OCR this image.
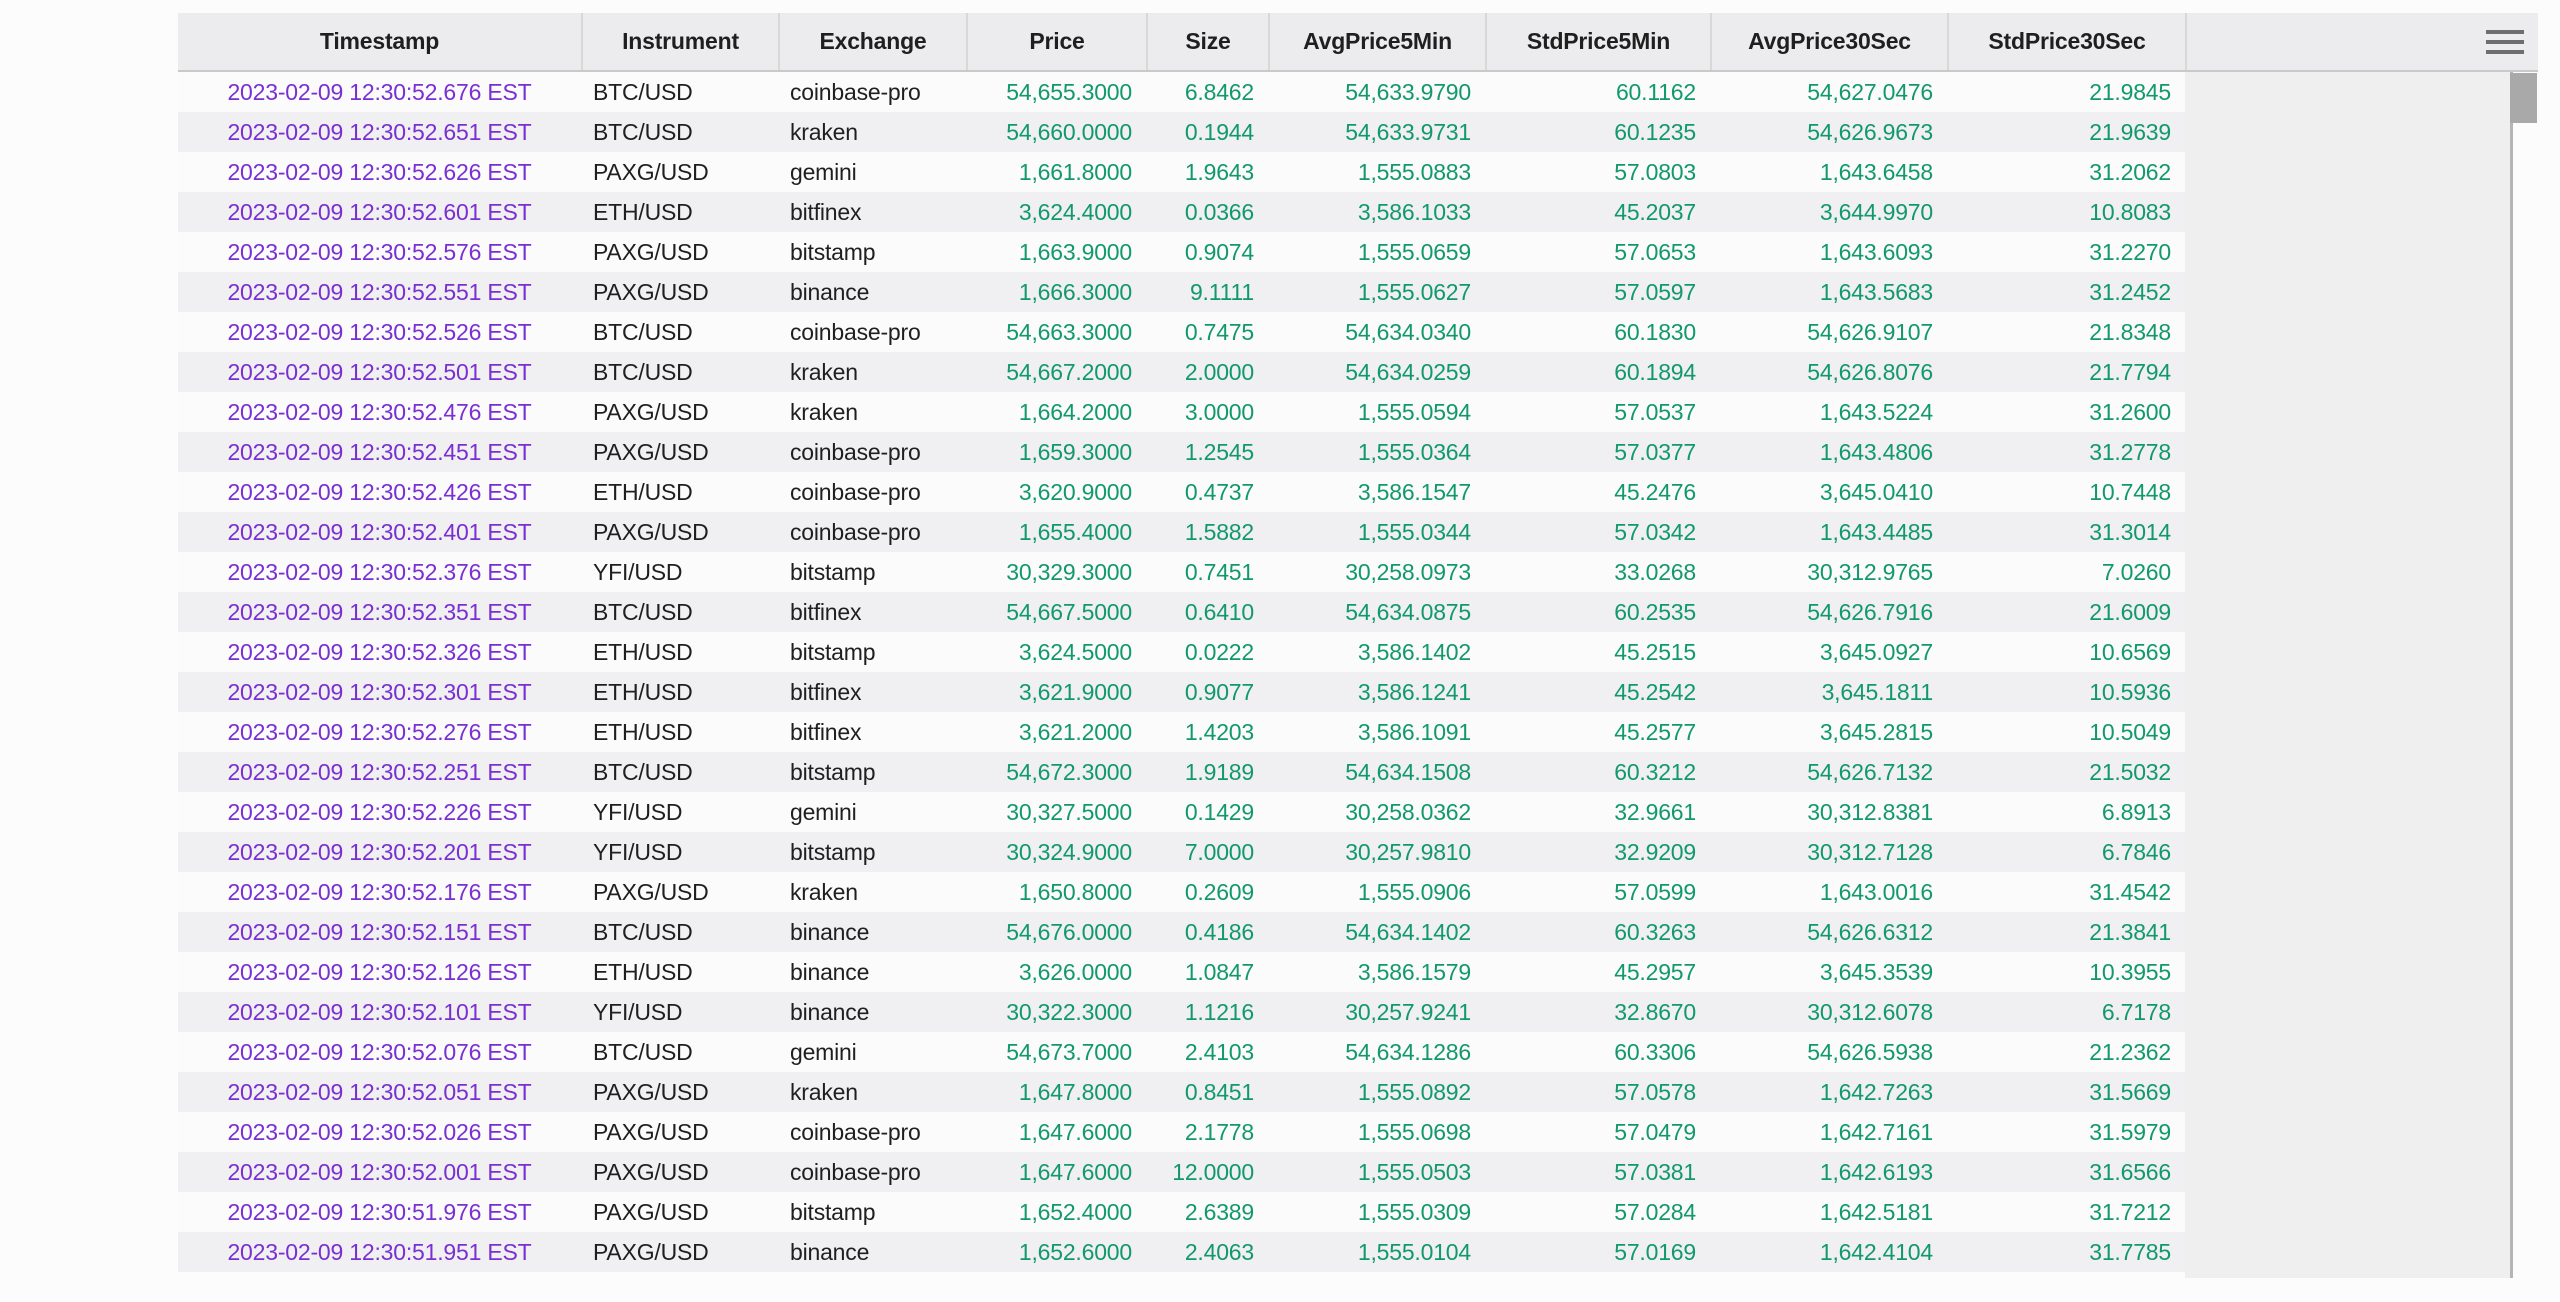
Timestamp	Instrument	Exchange	Price	Size	AvgPrice5Min	StdPrice5Min	AvgPrice30Sec	StdPrice30Sec
2023-02-09 12:30:52.676 EST	BTC/USD	coinbase-pro	54,655.3000	6.8462	54,633.9790	60.1162	54,627.0476	21.9845
2023-02-09 12:30:52.651 EST	BTC/USD	kraken	54,660.0000	0.1944	54,633.9731	60.1235	54,626.9673	21.9639
2023-02-09 12:30:52.626 EST	PAXG/USD	gemini	1,661.8000	1.9643	1,555.0883	57.0803	1,643.6458	31.2062
2023-02-09 12:30:52.601 EST	ETH/USD	bitfinex	3,624.4000	0.0366	3,586.1033	45.2037	3,644.9970	10.8083
2023-02-09 12:30:52.576 EST	PAXG/USD	bitstamp	1,663.9000	0.9074	1,555.0659	57.0653	1,643.6093	31.2270
2023-02-09 12:30:52.551 EST	PAXG/USD	binance	1,666.3000	9.1111	1,555.0627	57.0597	1,643.5683	31.2452
2023-02-09 12:30:52.526 EST	BTC/USD	coinbase-pro	54,663.3000	0.7475	54,634.0340	60.1830	54,626.9107	21.8348
2023-02-09 12:30:52.501 EST	BTC/USD	kraken	54,667.2000	2.0000	54,634.0259	60.1894	54,626.8076	21.7794
2023-02-09 12:30:52.476 EST	PAXG/USD	kraken	1,664.2000	3.0000	1,555.0594	57.0537	1,643.5224	31.2600
2023-02-09 12:30:52.451 EST	PAXG/USD	coinbase-pro	1,659.3000	1.2545	1,555.0364	57.0377	1,643.4806	31.2778
2023-02-09 12:30:52.426 EST	ETH/USD	coinbase-pro	3,620.9000	0.4737	3,586.1547	45.2476	3,645.0410	10.7448
2023-02-09 12:30:52.401 EST	PAXG/USD	coinbase-pro	1,655.4000	1.5882	1,555.0344	57.0342	1,643.4485	31.3014
2023-02-09 12:30:52.376 EST	YFI/USD	bitstamp	30,329.3000	0.7451	30,258.0973	33.0268	30,312.9765	7.0260
2023-02-09 12:30:52.351 EST	BTC/USD	bitfinex	54,667.5000	0.6410	54,634.0875	60.2535	54,626.7916	21.6009
2023-02-09 12:30:52.326 EST	ETH/USD	bitstamp	3,624.5000	0.0222	3,586.1402	45.2515	3,645.0927	10.6569
2023-02-09 12:30:52.301 EST	ETH/USD	bitfinex	3,621.9000	0.9077	3,586.1241	45.2542	3,645.1811	10.5936
2023-02-09 12:30:52.276 EST	ETH/USD	bitfinex	3,621.2000	1.4203	3,586.1091	45.2577	3,645.2815	10.5049
2023-02-09 12:30:52.251 EST	BTC/USD	bitstamp	54,672.3000	1.9189	54,634.1508	60.3212	54,626.7132	21.5032
2023-02-09 12:30:52.226 EST	YFI/USD	gemini	30,327.5000	0.1429	30,258.0362	32.9661	30,312.8381	6.8913
2023-02-09 12:30:52.201 EST	YFI/USD	bitstamp	30,324.9000	7.0000	30,257.9810	32.9209	30,312.7128	6.7846
2023-02-09 12:30:52.176 EST	PAXG/USD	kraken	1,650.8000	0.2609	1,555.0906	57.0599	1,643.0016	31.4542
2023-02-09 12:30:52.151 EST	BTC/USD	binance	54,676.0000	0.4186	54,634.1402	60.3263	54,626.6312	21.3841
2023-02-09 12:30:52.126 EST	ETH/USD	binance	3,626.0000	1.0847	3,586.1579	45.2957	3,645.3539	10.3955
2023-02-09 12:30:52.101 EST	YFI/USD	binance	30,322.3000	1.1216	30,257.9241	32.8670	30,312.6078	6.7178
2023-02-09 12:30:52.076 EST	BTC/USD	gemini	54,673.7000	2.4103	54,634.1286	60.3306	54,626.5938	21.2362
2023-02-09 12:30:52.051 EST	PAXG/USD	kraken	1,647.8000	0.8451	1,555.0892	57.0578	1,642.7263	31.5669
2023-02-09 12:30:52.026 EST	PAXG/USD	coinbase-pro	1,647.6000	2.1778	1,555.0698	57.0479	1,642.7161	31.5979
2023-02-09 12:30:52.001 EST	PAXG/USD	coinbase-pro	1,647.6000	12.0000	1,555.0503	57.0381	1,642.6193	31.6566
2023-02-09 12:30:51.976 EST	PAXG/USD	bitstamp	1,652.4000	2.6389	1,555.0309	57.0284	1,642.5181	31.7212
2023-02-09 12:30:51.951 EST	PAXG/USD	binance	1,652.6000	2.4063	1,555.0104	57.0169	1,642.4104	31.7785
